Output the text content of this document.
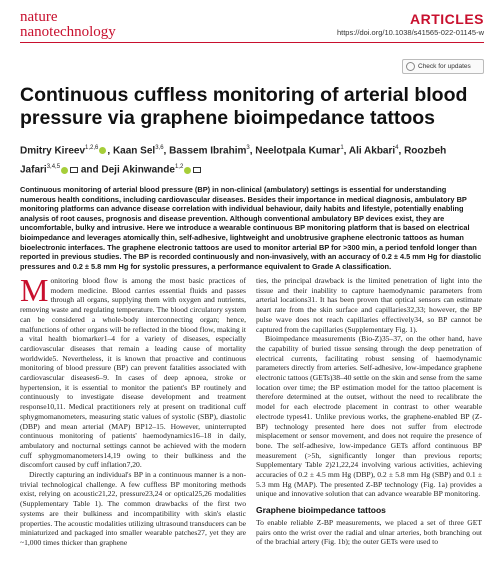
nature
nanotechnology
ARTICLES
https://doi.org/10.1038/s41565-022-01145-w
Check for updates
Continuous cuffless monitoring of arterial blood pressure via graphene bioimpedance tattoos
Dmitry Kireev$^{1,2,6}$ , Kaan Sel$^{3,6}$, Bassem Ibrahim$^3$, Neelotpala Kumar$^1$, Ali Akbari$^4$, Roozbeh Jafari$^{3,4,5}$ and Deji Akinwande$^{1,2}$

Continuous monitoring of arterial blood pressure (BP) in non-clinical (ambulatory) settings is essential for understanding numerous health conditions, including cardiovascular diseases. Besides their importance in medical diagnosis, ambulatory BP monitoring platforms can advance disease correlation with individual behaviour, daily habits and lifestyle, potentially enabling analysis of root causes, prognosis and disease prevention. Although conventional ambulatory BP devices exist, they are uncomfortable, bulky and intrusive. Here we introduce a wearable continuous BP monitoring platform that is based on electrical bioimpedance and leverages atomically thin, self-adhesive, lightweight and unobtrusive graphene electronic tattoos as human bioelectronic interfaces. The graphene electronic tattoos are used to monitor arterial BP for >300 min, a period tenfold longer than reported in previous studies. The BP is recorded continuously and non-invasively, with an accuracy of 0.2 ± 4.5 mm Hg for diastolic pressures and 0.2 ± 5.8 mm Hg for systolic pressures, a performance equivalent to Grade A classification.

Monitoring blood flow is among the most basic practices of modern medicine. Blood carries essential fluids and passes through all organs, supplying them with oxygen and nutrients, removing waste and regulating temperature. The blood circulatory system can be considered a whole-body interconnecting organ; hence, malfunctions of other organs will be reflected in the blood flow, making it a vital health biomarker1–4 for a variety of diseases, especially cardiovascular diseases that remain a leading cause of mortality worldwide5. Nevertheless, it is known that proactive and continuous monitoring of blood pressure (BP) can prevent fatalities associated with cardiovascular diseases6–9. In cases of deep apnoea, stroke or hypertension, it is essential to monitor the patient's BP routinely and continuously to investigate disease development and treatment response10,11. Medical practitioners rely at present on traditional cuff sphygmomanometers, measuring static values of systolic (SBP), diastolic (DBP) and mean arterial (MAP) BP12–15. However, uninterrupted continuous monitoring of patients' haemodynamics16–18 in daily, ambulatory and nocturnal settings cannot be achieved with the modern cuff sphygmomanometers14,19 owing to their bulkiness and the discomfort caused by cuff inflation7,20.

Directly capturing an individual's BP in a continuous manner is a non-trivial technological challenge. A few cuffless BP monitoring methods exist, relying on acoustic21,22, pressure23,24 or optical25,26 modalities (Supplementary Table 1). The common drawbacks of the first two systems are their bulkiness and incompatibility with skin's elastic properties. The acoustic modalities utilizing ultrasound transducers can be miniaturized and packaged into smaller wearable patches27, yet they are ~1,000 times thicker than graphene

ties, the principal drawback is the limited penetration of light into the tissue and their inability to capture haemodynamic parameters from arterial locations31. It has been proven that optical sensors can estimate heart rate from the skin surface and capillaries32,33; however, the BP pulse wave does not reach capillaries effectively34, so BP cannot be captured from the capillaries (Supplementary Fig. 1).

Bioimpedance measurements (Bio-Z)35–37, on the other hand, have the capability of buried tissue sensing through the deep penetration of electrical currents, facilitating robust sensing of haemodynamic parameters directly from arteries. Self-adhesive, low-impedance graphene electronic tattoos (GETs)38–40 settle on the skin and sense from the same location over time; the BP estimation model for the tattoo placement is therefore determined at the outset, without the need to recalibrate the model for each electrode placement in contrast to other wearable electrode types41. Unlike previous works, the graphene-enabled BP (Z-BP) technology presented here does not suffer from electrode misplacement or sensor movement, and does not require the presence of bone. The self-adhesive, low-impedance GETs afford continuous BP measurement (>5h, significantly longer than previous reports; Supplementary Table 2)21,22,24 involving various activities, achieving accuracies of 0.2 ± 4.5 mm Hg (DBP), 0.2 ± 5.8 mm Hg (SBP) and 0.1 ± 5.3 mm Hg (MAP). The presented Z-BP technology (Fig. 1a) provides a unique and innovative solution that can advance wearable BP monitoring.

Graphene bioimpedance tattoos

To enable reliable Z-BP measurements, we placed a set of three GET pairs onto the wrist over the radial and ulnar arteries, both branching out of the brachial artery (Fig. 1b); the outer GETs were used to
